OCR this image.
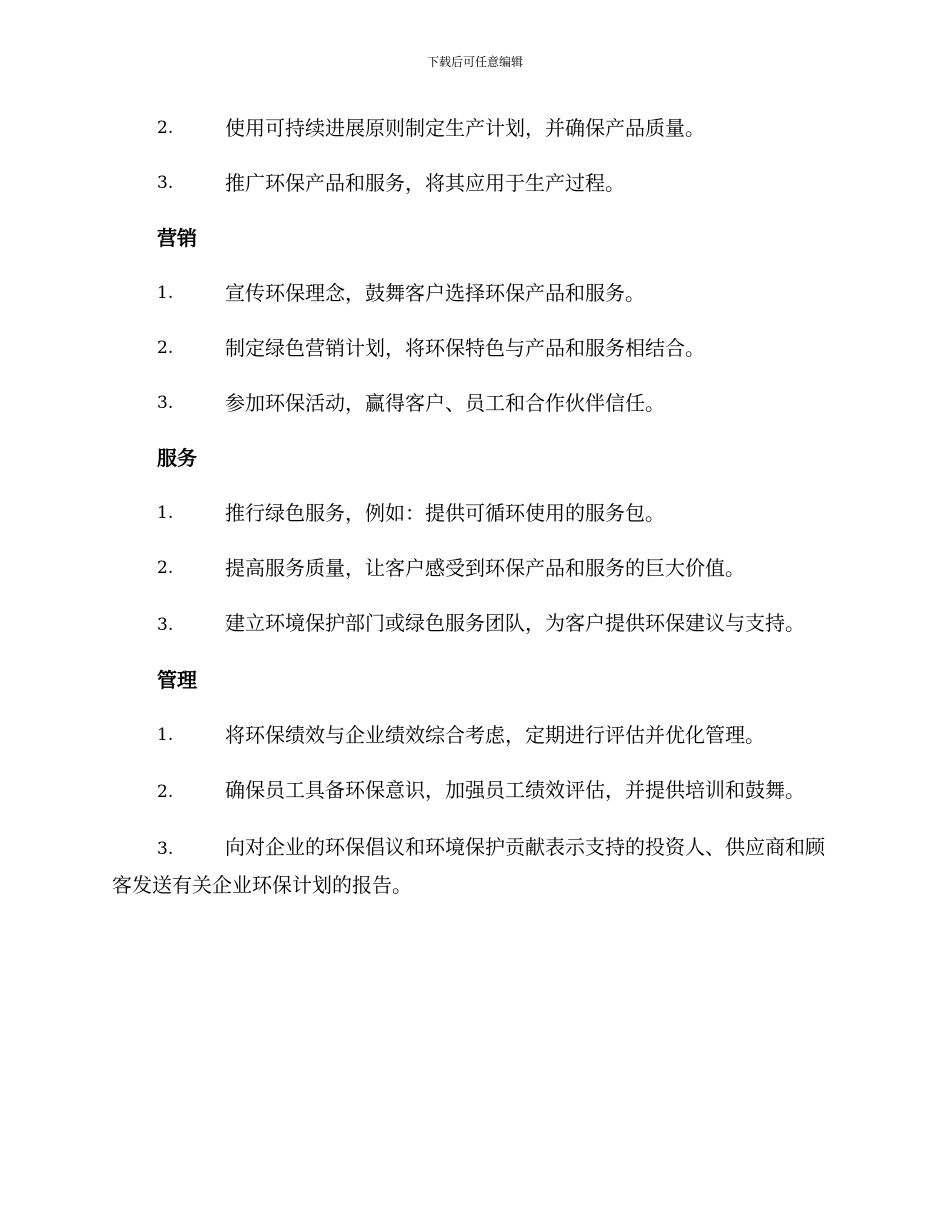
下载后可任意编辑
2.	使用可持续进展原则制定生产计划，并确保产品质量。
3.	推广环保产品和服务，将其应用于生产过程。
营销
1.	宣传环保理念，鼓舞客户选择环保产品和服务。
2.	制定绿色营销计划，将环保特色与产品和服务相结合。
3.	参加环保活动，赢得客户、员工和合作伙伴信任。
服务
1.	推行绿色服务，例如：提供可循环使用的服务包。
2.	提高服务质量，让客户感受到环保产品和服务的巨大价值。
3.	建立环境保护部门或绿色服务团队，为客户提供环保建议与支持。
管理
1.	将环保绩效与企业绩效综合考虑，定期进行评估并优化管理。
2.	确保员工具备环保意识，加强员工绩效评估，并提供培训和鼓舞。
3.	向对企业的环保倡议和环境保护贡献表示支持的投资人、供应商和顾客发送有关企业环保计划的报告。
